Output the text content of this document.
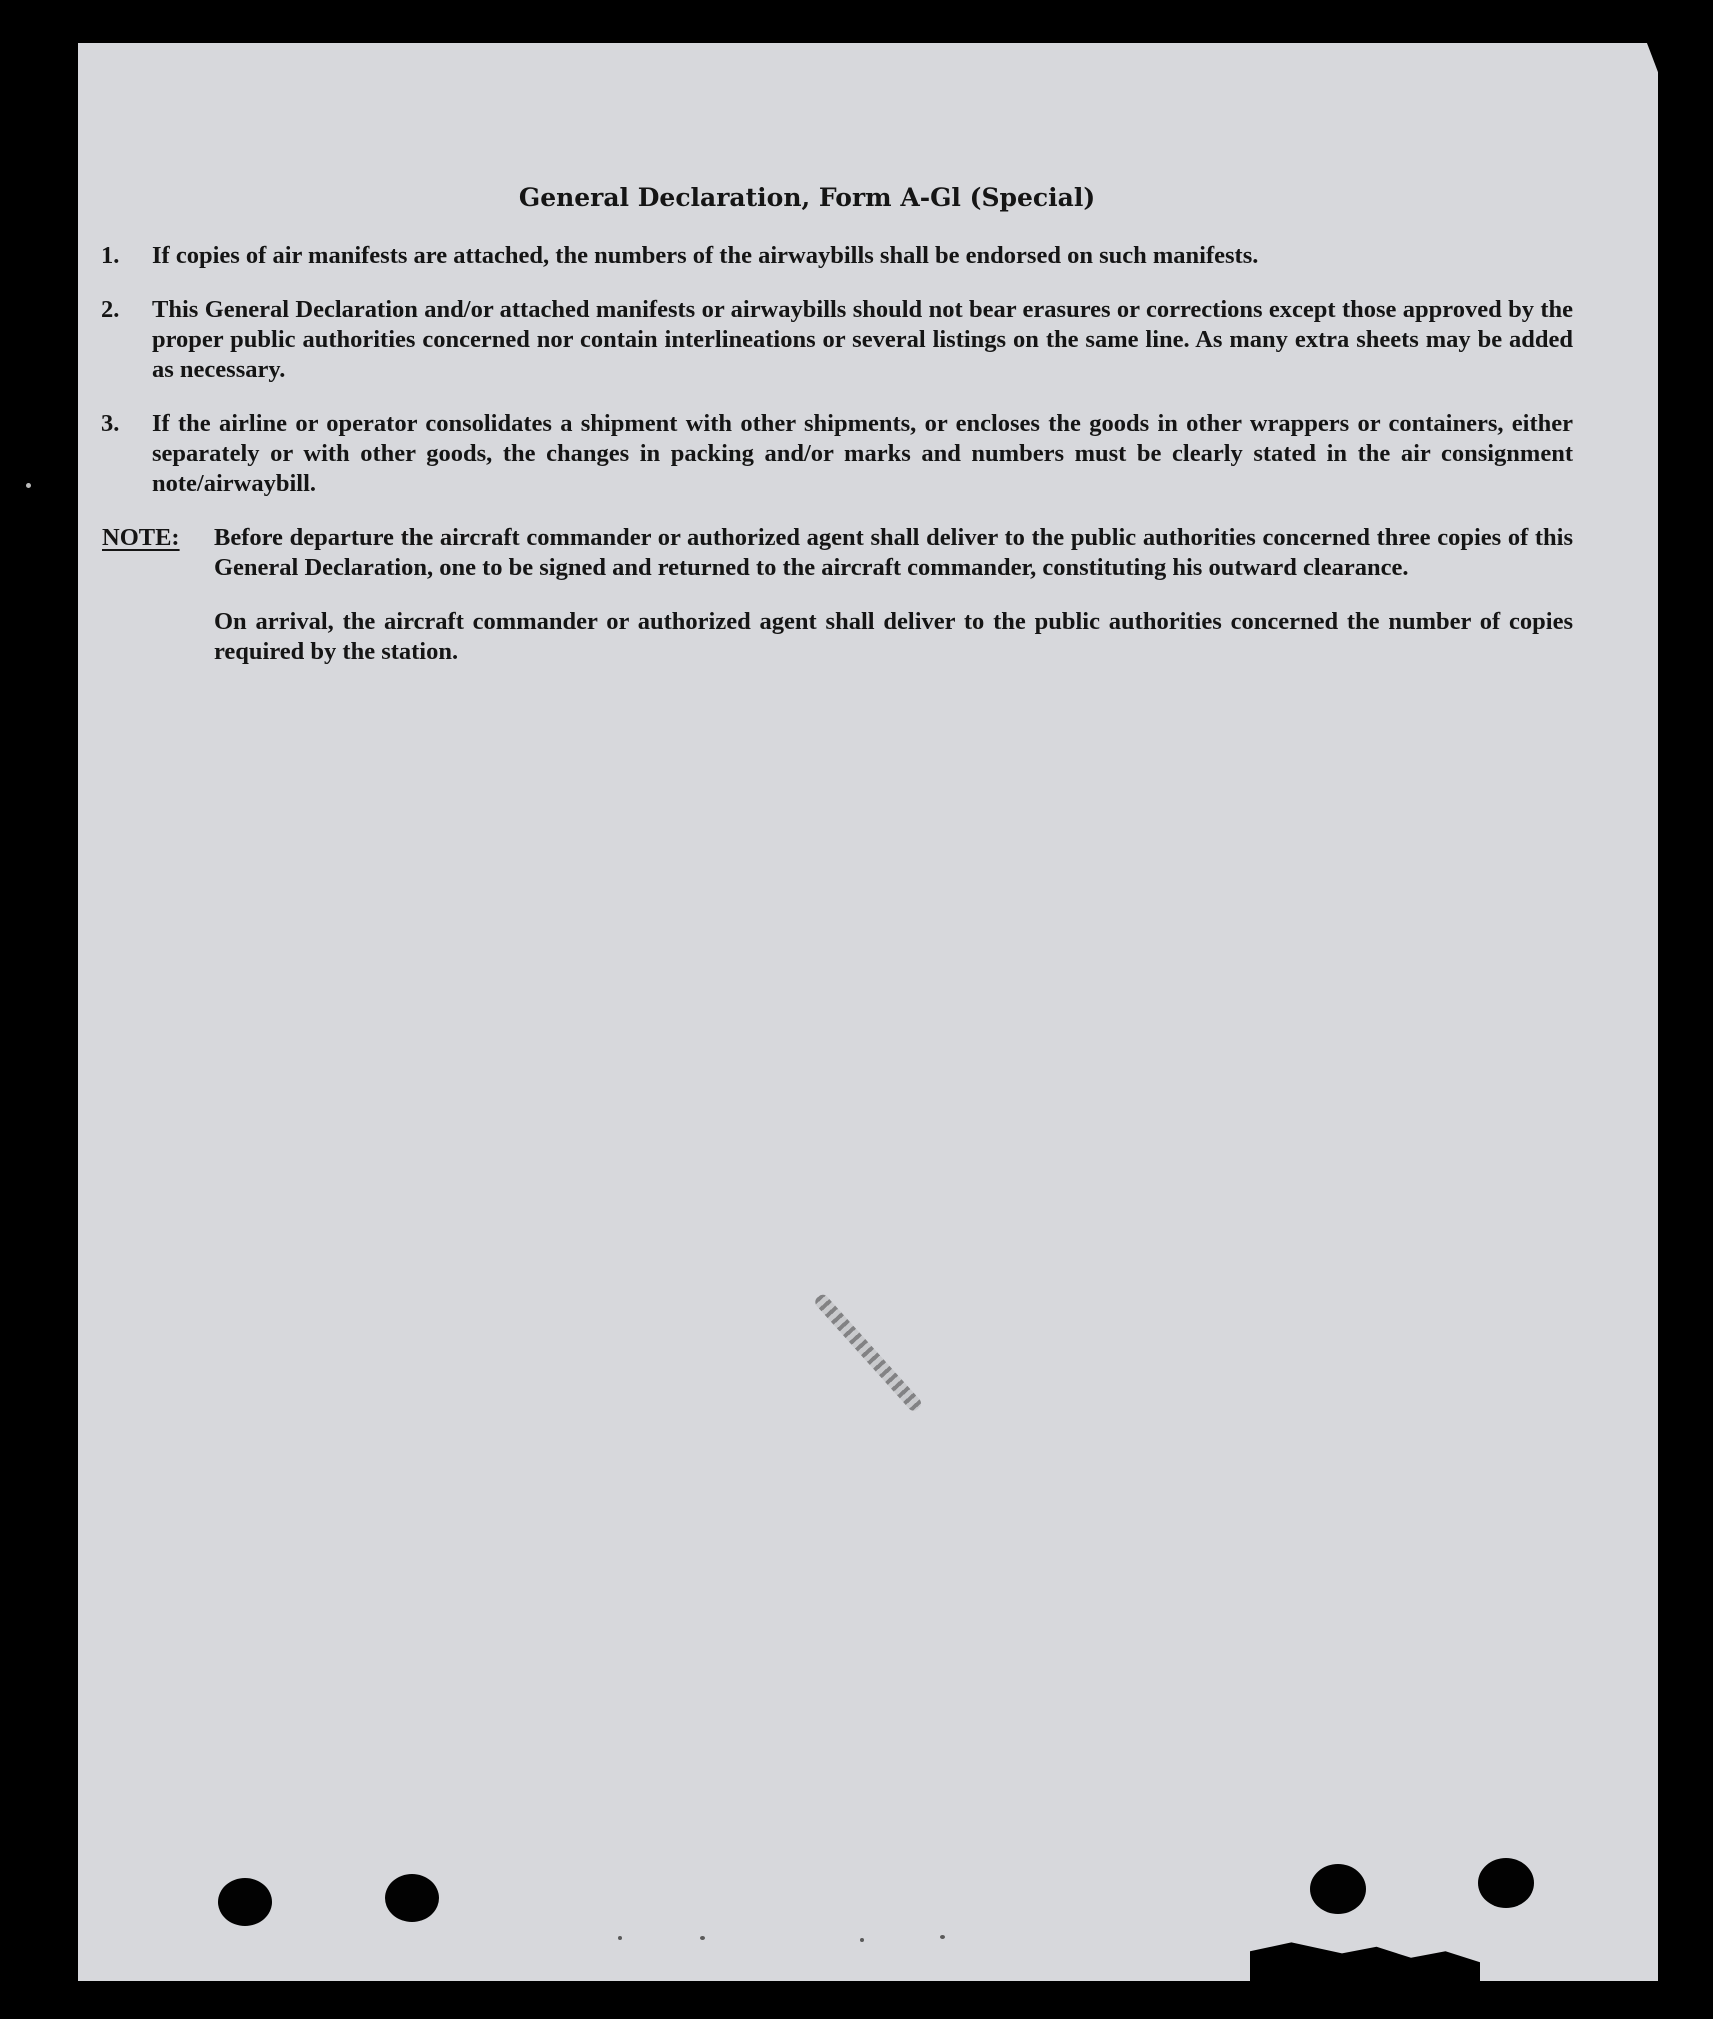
General Declaration, Form A-Gl (Special)
1. If copies of air manifests are attached, the numbers of the airwaybills shall be endorsed on such manifests.
2. This General Declaration and/or attached manifests or airwaybills should not bear erasures or corrections except those approved by the proper public authorities concerned nor contain interlineations or several listings on the same line. As many extra sheets may be added as necessary.
3. If the airline or operator consolidates a shipment with other shipments, or encloses the goods in other wrappers or containers, either separately or with other goods, the changes in packing and/or marks and numbers must be clearly stated in the air consignment note/airwaybill.
NOTE: Before departure the aircraft commander or authorized agent shall deliver to the public authorities concerned three copies of this General Declaration, one to be signed and returned to the aircraft commander, constituting his outward clearance.

On arrival, the aircraft commander or authorized agent shall deliver to the public authorities concerned the number of copies required by the station.
